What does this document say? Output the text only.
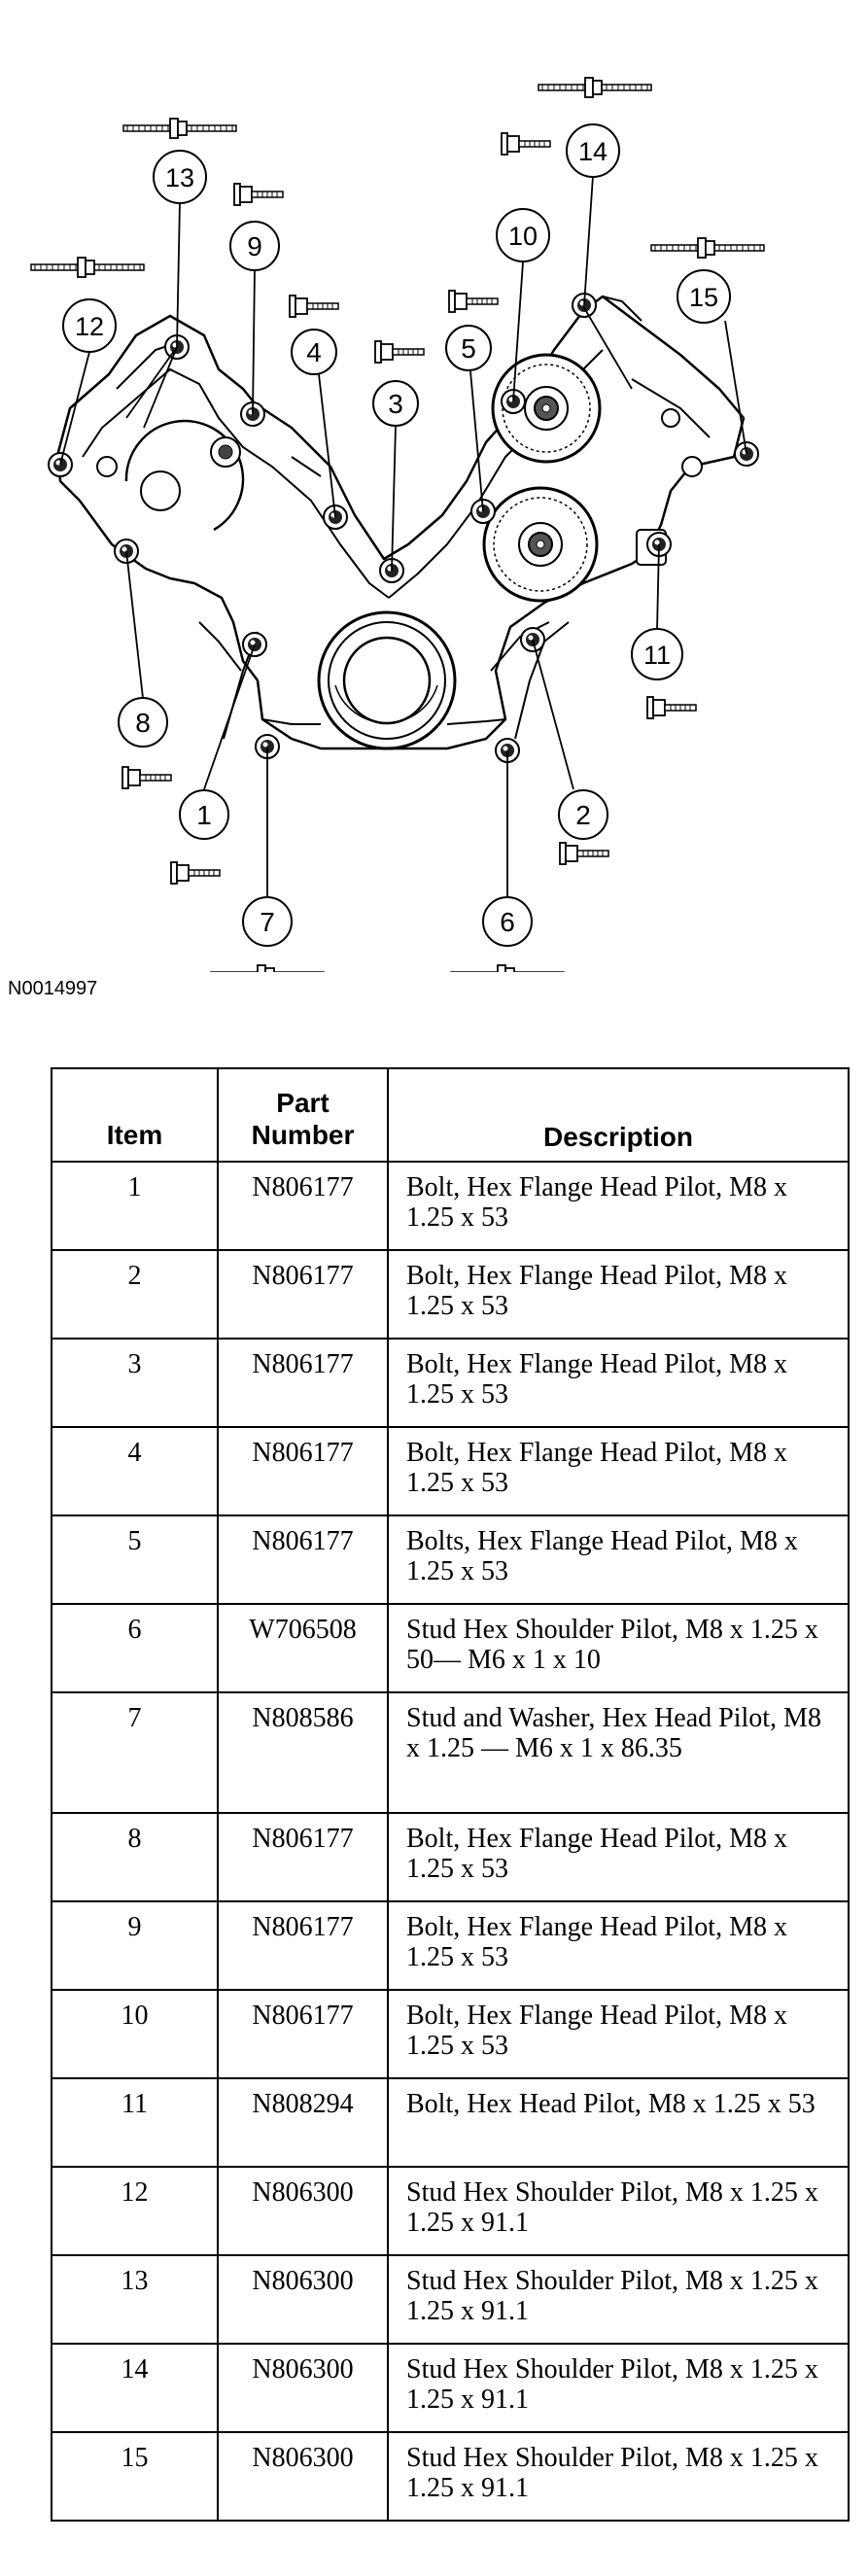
1	2
3
4	5
6
7
8
9	10
11
12
13
14
15
N0014997
Item	Part Number	Description
1	N806177	Bolt, Hex Flange Head Pilot, M8 x 1.25 x 53
2	N806177	Bolt, Hex Flange Head Pilot, M8 x 1.25 x 53
3	N806177	Bolt, Hex Flange Head Pilot, M8 x 1.25 x 53
4	N806177	Bolt, Hex Flange Head Pilot, M8 x 1.25 x 53
5	N806177	Bolts, Hex Flange Head Pilot, M8 x 1.25 x 53
6	W706508	Stud Hex Shoulder Pilot, M8 x 1.25 x 50— M6 x 1 x 10
7	N808586	Stud and Washer, Hex Head Pilot, M8 x 1.25 — M6 x 1 x 86.35
8	N806177	Bolt, Hex Flange Head Pilot, M8 x 1.25 x 53
9	N806177	Bolt, Hex Flange Head Pilot, M8 x 1.25 x 53
10	N806177	Bolt, Hex Flange Head Pilot, M8 x 1.25 x 53
11	N808294	Bolt, Hex Head Pilot, M8 x 1.25 x 53
12	N806300	Stud Hex Shoulder Pilot, M8 x 1.25 x 1.25 x 91.1
13	N806300	Stud Hex Shoulder Pilot, M8 x 1.25 x 1.25 x 91.1
14	N806300	Stud Hex Shoulder Pilot, M8 x 1.25 x 1.25 x 91.1
15	N806300	Stud Hex Shoulder Pilot, M8 x 1.25 x 1.25 x 91.1
